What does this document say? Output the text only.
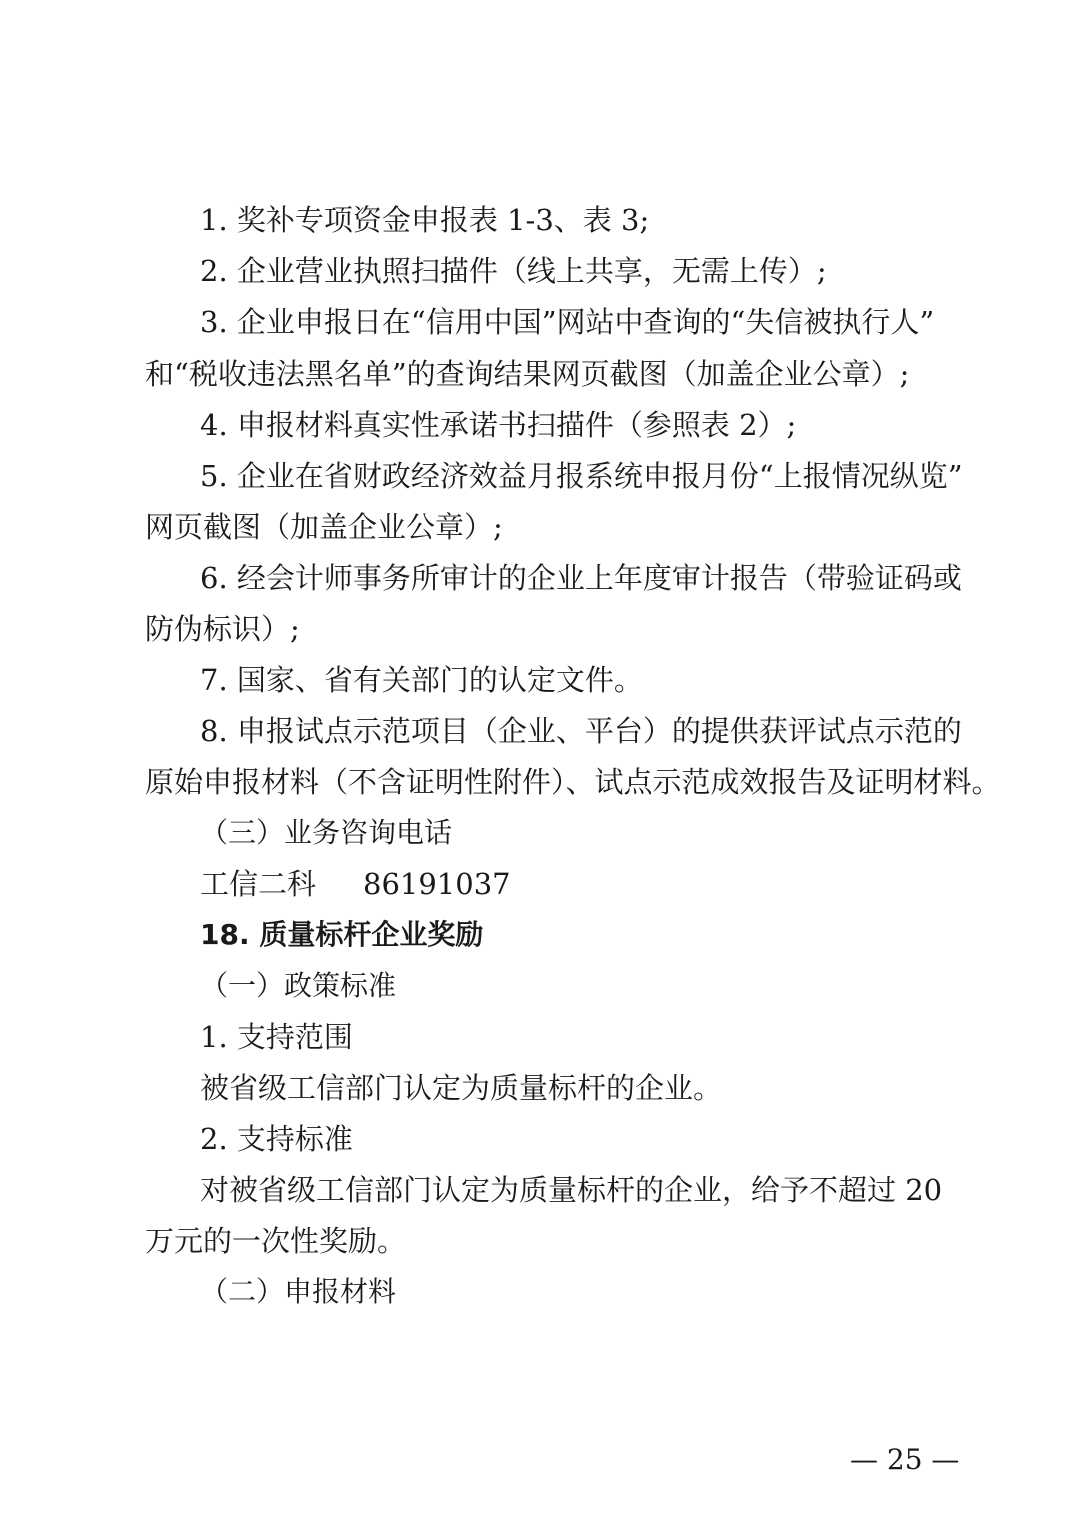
1. 奖补专项资金申报表 1-3、表 3;
2. 企业营业执照扫描件（线上共享，无需上传）;
3. 企业申报日在“信用中国”网站中查询的“失信被执行人”
和“税收违法黑名单”的查询结果网页截图（加盖企业公章）;
4. 申报材料真实性承诺书扫描件（参照表 2）;
5. 企业在省财政经济效益月报系统申报月份“上报情况纵览”
网页截图（加盖企业公章）;
6. 经会计师事务所审计的企业上年度审计报告（带验证码或
防伪标识）;
7. 国家、省有关部门的认定文件。
8. 申报试点示范项目（企业、平台）的提供获评试点示范的
原始申报材料（不含证明性附件）、试点示范成效报告及证明材料。
（三）业务咨询电话
工信二科 86191037
18. 质量标杆企业奖励
（一）政策标准
1. 支持范围
被省级工信部门认定为质量标杆的企业。
2. 支持标准
对被省级工信部门认定为质量标杆的企业，给予不超过 20
万元的一次性奖励。
（二）申报材料
— 25 —
